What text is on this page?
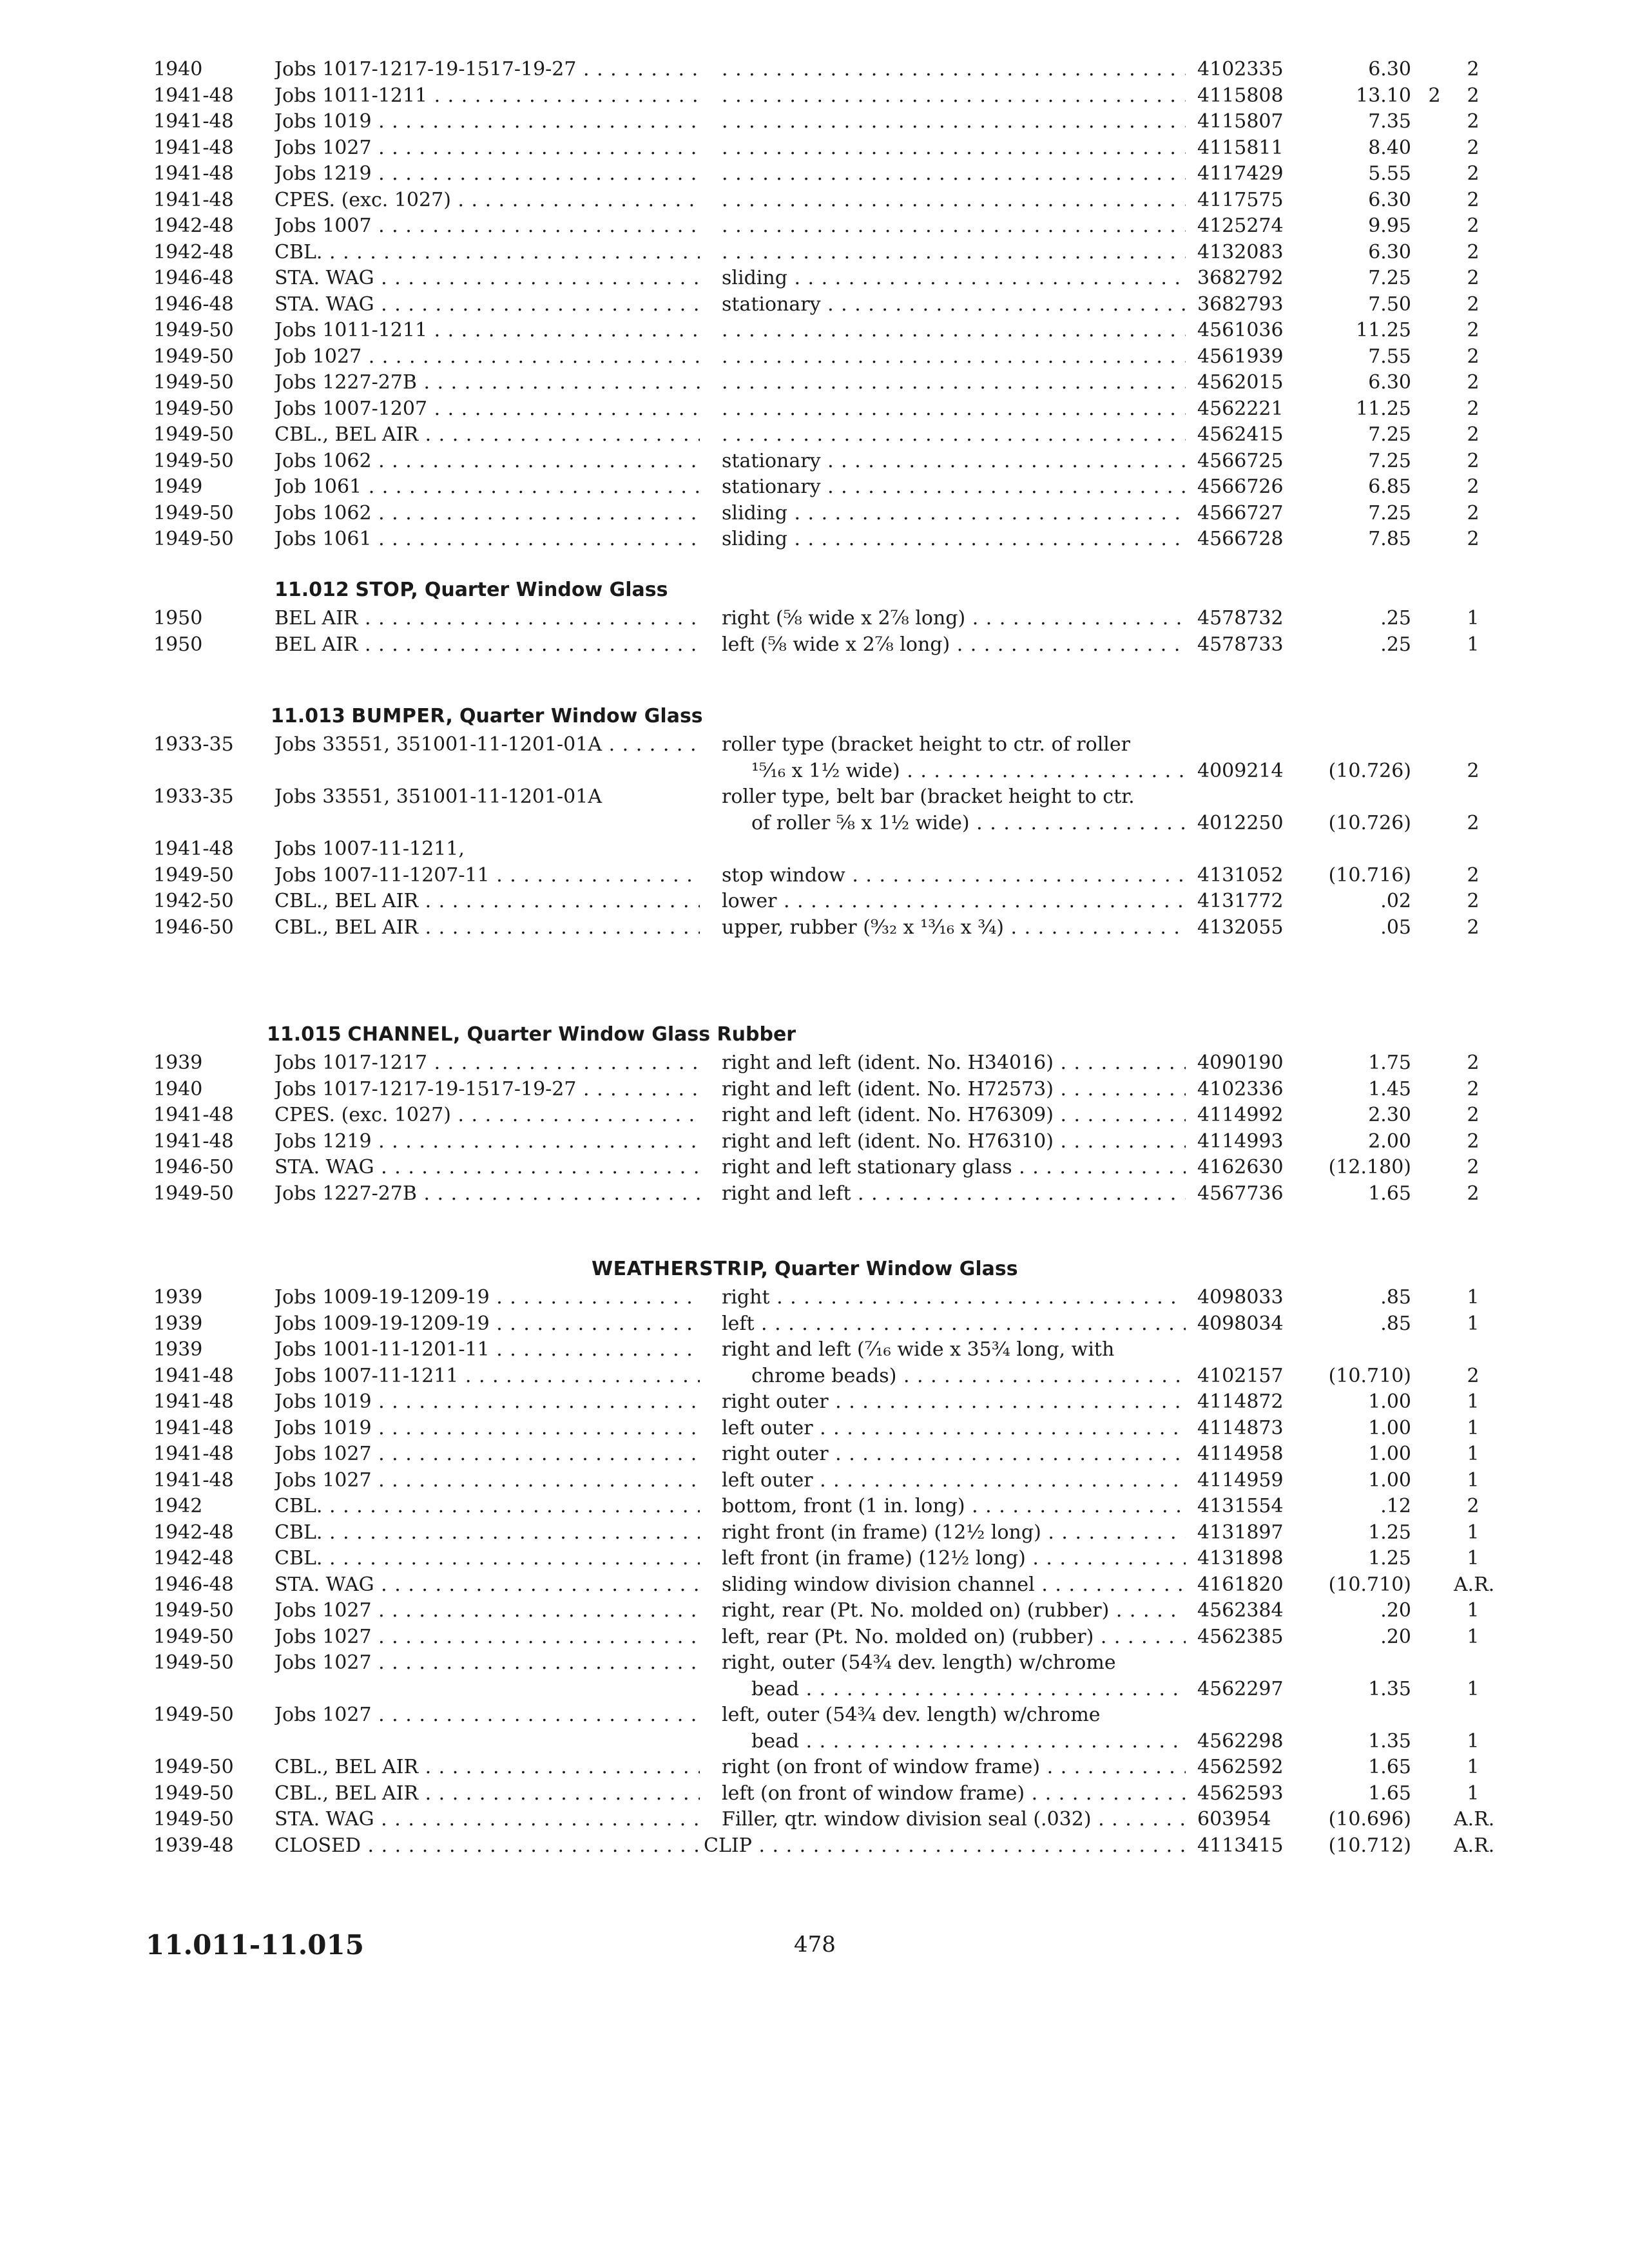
1940	Jobs 1017-1217-19-1517-19-27 . . . . . .	4102335	6.30	2
1941-48	Jobs 1011-1211 . . . . . .	4115808	13.10 2	2
1941-48	Jobs 1019 . . . . . .	4115807	7.35	2
1941-48	Jobs 1027 . . . . . .	4115811	8.40	2
1941-48	Jobs 1219 . . . . . .	4117429	5.55	2
1941-48	CPES. (exc. 1027) . . . . . .	4117575	6.30	2
1942-48	Jobs 1007 . . . . . .	4125274	9.95	2
1942-48	CBL. . . . . . .	4132083	6.30	2
1946-48	STA. WAG . . .	sliding . . .	3682792	7.25	2
1946-48	STA. WAG . . .	stationary . . .	3682793	7.50	2
1949-50	Jobs 1011-1211 . . . . . .	4561036	11.25	2
1949-50	Job 1027 . . . . . .	4561939	7.55	2
1949-50	Jobs 1227-27B . . . . . .	4562015	6.30	2
1949-50	Jobs 1007-1207 . . . . . .	4562221	11.25	2
1949-50	CBL., BEL AIR . . . . . .	4562415	7.25	2
1949-50	Jobs 1062 . . .	stationary . . .	4566725	7.25	2
1949	Job 1061 . . .	stationary . . .	4566726	6.85	2
1949-50	Jobs 1062 . . .	sliding . . .	4566727	7.25	2
1949-50	Jobs 1061 . . .	sliding . . .	4566728	7.85	2
11.012 STOP, Quarter Window Glass
1950	BEL AIR . . .	right (⅝ wide x 2⅞ long) . . .	4578732	.25	1
1950	BEL AIR . . .	left (⅝ wide x 2⅞ long) . . .	4578733	.25	1
11.013 BUMPER, Quarter Window Glass
1933-35	Jobs 33551, 351001-11-1201-01A . . .	roller type (bracket height to ctr. of roller
¹⁵⁄₁₆ x 1½ wide) . . .	4009214	(10.726)	2
1933-35	Jobs 33551, 351001-11-1201-01A	roller type, belt bar (bracket height to ctr.
of roller ⅝ x 1½ wide) . . .	4012250	(10.726)	2
1941-48	Jobs 1007-11-1211,
1949-50	Jobs 1007-11-1207-11 . . .	stop window . . .	4131052	(10.716)	2
1942-50	CBL., BEL AIR . . .	lower . . .	4131772	.02	2
1946-50	CBL., BEL AIR . . .	upper, rubber (⁹⁄₃₂ x ¹³⁄₁₆ x ¾) . . .	4132055	.05	2
11.015 CHANNEL, Quarter Window Glass Rubber
1939	Jobs 1017-1217 . . .	right and left (ident. No. H34016) . . .	4090190	1.75	2
1940	Jobs 1017-1217-19-1517-19-27 . . .	right and left (ident. No. H72573) . . .	4102336	1.45	2
1941-48	CPES. (exc. 1027) . . .	right and left (ident. No. H76309) . . .	4114992	2.30	2
1941-48	Jobs 1219 . . .	right and left (ident. No. H76310) . . .	4114993	2.00	2
1946-50	STA. WAG . . .	right and left stationary glass . . .	4162630	(12.180)	2
1949-50	Jobs 1227-27B . . .	right and left . . .	4567736	1.65	2
WEATHERSTRIP, Quarter Window Glass
1939	Jobs 1009-19-1209-19 . . .	right . . .	4098033	.85	1
1939	Jobs 1009-19-1209-19 . . .	left . . .	4098034	.85	1
1939	Jobs 1001-11-1201-11 . . .	right and left (⁷⁄₁₆ wide x 35¾ long, with
1941-48	Jobs 1007-11-1211 . . .	chrome beads) . . .	4102157	(10.710)	2
1941-48	Jobs 1019 . . .	right outer . . .	4114872	1.00	1
1941-48	Jobs 1019 . . .	left outer . . .	4114873	1.00	1
1941-48	Jobs 1027 . . .	right outer . . .	4114958	1.00	1
1941-48	Jobs 1027 . . .	left outer . . .	4114959	1.00	1
1942	CBL. . . .	bottom, front (1 in. long) . . .	4131554	.12	2
1942-48	CBL. . . .	right front (in frame) (12½ long) . . .	4131897	1.25	1
1942-48	CBL. . . .	left front (in frame) (12½ long) . . .	4131898	1.25	1
1946-48	STA. WAG . . .	sliding window division channel . . .	4161820	(10.710) A.R.
1949-50	Jobs 1027 . . .	right, rear (Pt. No. molded on) (rubber) . . .	4562384	.20	1
1949-50	Jobs 1027 . . .	left, rear (Pt. No. molded on) (rubber) . . .	4562385	.20	1
1949-50	Jobs 1027 . . .	right, outer (54¾ dev. length) w/chrome
bead . . .	4562297	1.35	1
1949-50	Jobs 1027 . . .	left, outer (54¾ dev. length) w/chrome
bead . . .	4562298	1.35	1
1949-50	CBL., BEL AIR . . .	right (on front of window frame) . . .	4562592	1.65	1
1949-50	CBL., BEL AIR . . .	left (on front of window frame) . . .	4562593	1.65	1
1949-50	STA. WAG . . .	Filler, qtr. window division seal (.032) . . .	603954	(10.696) A.R.
1939-48	CLOSED . . .	CLIP . . .	4113415	(10.712) A.R.
11.011-11.015	478
